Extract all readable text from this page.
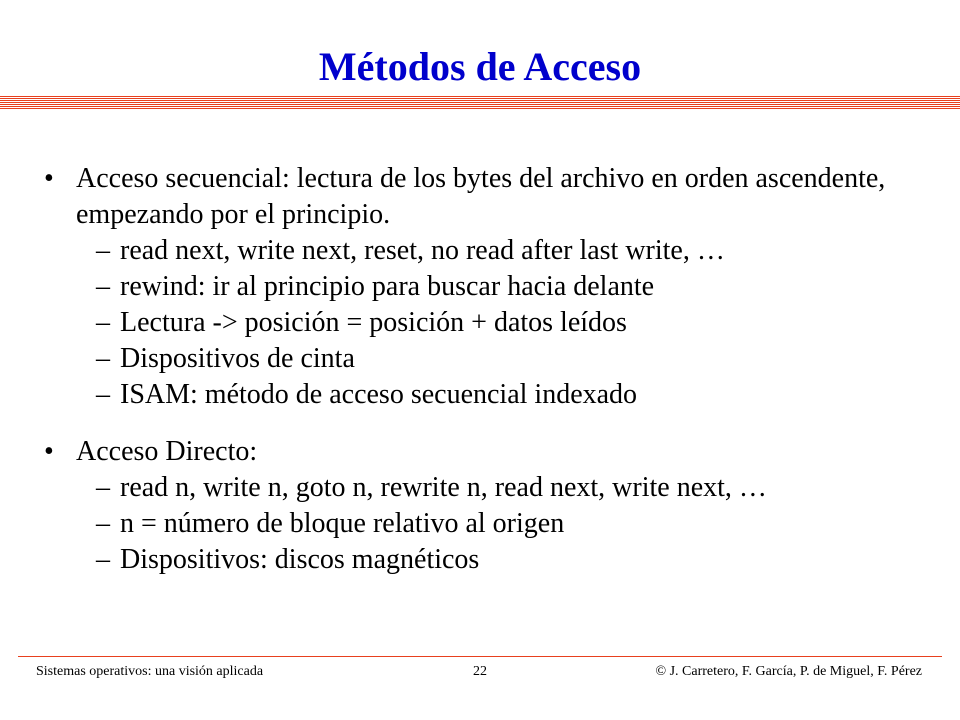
Métodos de Acceso
• Acceso secuencial: lectura de los bytes del archivo en orden ascendente, empezando por el principio.
– read next, write next, reset, no read after last write, …
– rewind: ir al principio para buscar hacia delante
– Lectura -> posición = posición + datos leídos
– Dispositivos de cinta
– ISAM: método de acceso secuencial indexado
• Acceso Directo:
– read n, write n, goto n, rewrite n, read next, write next, …
– n = número de bloque relativo al origen
– Dispositivos: discos magnéticos
Sistemas operativos: una visión aplicada	22	© J. Carretero, F. García, P. de Miguel, F. Pérez
